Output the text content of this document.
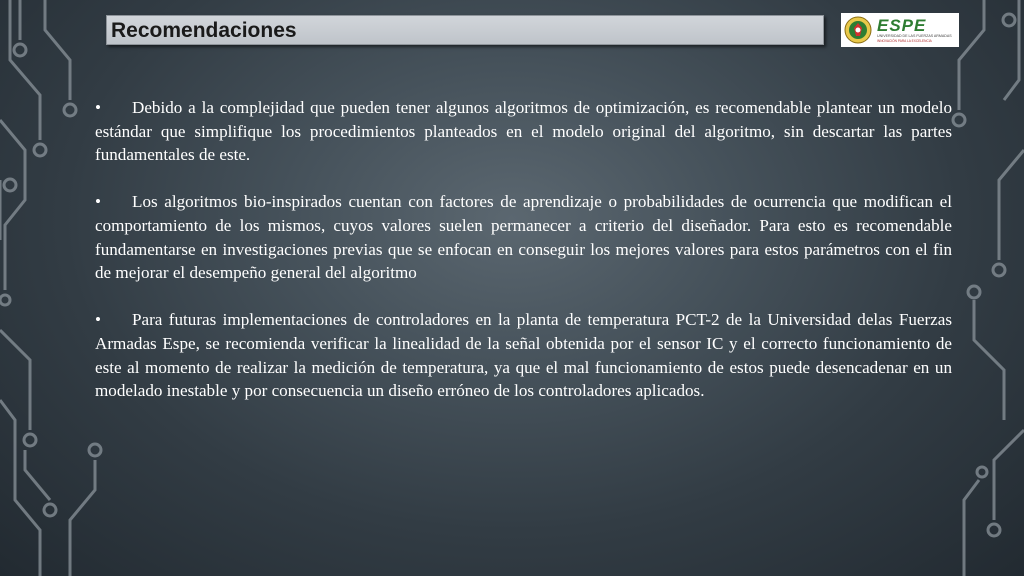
Recomendaciones	ESPE
UNIVERSIDAD DE LAS FUERZAS ARMADAS
INNOVACIÓN PARA LA EXCELENCIA

• Debido a la complejidad que pueden tener algunos algoritmos de optimización, es recomendable plantear un modelo estándar que simplifique los procedimientos planteados en el modelo original del algoritmo, sin descartar las partes fundamentales de este.

• Los algoritmos bio-inspirados cuentan con factores de aprendizaje o probabilidades de ocurrencia que modifican el comportamiento de los mismos, cuyos valores suelen permanecer a criterio del diseñador. Para esto es recomendable fundamentarse en investigaciones previas que se enfocan en conseguir los mejores valores para estos parámetros con el fin de mejorar el desempeño general del algoritmo

• Para futuras implementaciones de controladores en la planta de temperatura PCT-2 de la Universidad delas Fuerzas Armadas Espe, se recomienda verificar la linealidad de la señal obtenida por el sensor IC y el correcto funcionamiento de este al momento de realizar la medición de temperatura, ya que el mal funcionamiento de estos puede desencadenar en un modelado inestable y por consecuencia un diseño erróneo de los controladores aplicados.
